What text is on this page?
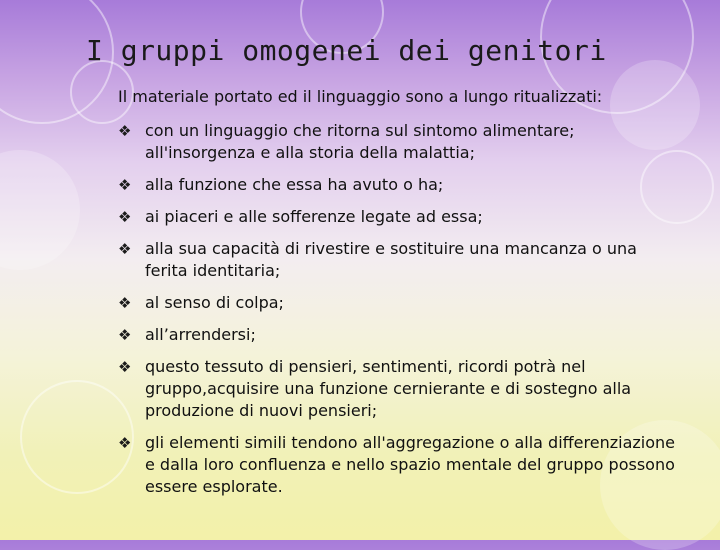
I gruppi omogenei dei genitori

Il materiale portato ed il linguaggio sono a lungo ritualizzati:

❖ con un linguaggio che ritorna sul sintomo alimentare; all'insorgenza e alla storia della malattia;
❖ alla funzione che essa ha avuto o ha;
❖ ai piaceri e alle sofferenze legate ad essa;
❖ alla sua capacità di rivestire e sostituire una mancanza o una ferita identitaria;
❖ al senso di colpa;
❖ all’arrendersi;
❖ questo tessuto di pensieri, sentimenti, ricordi potrà nel gruppo,acquisire una funzione cernierante e di sostegno alla produzione di nuovi pensieri;
❖ gli elementi simili tendono all'aggregazione o alla differenziazione e dalla loro confluenza e nello spazio mentale del gruppo possono essere esplorate.
